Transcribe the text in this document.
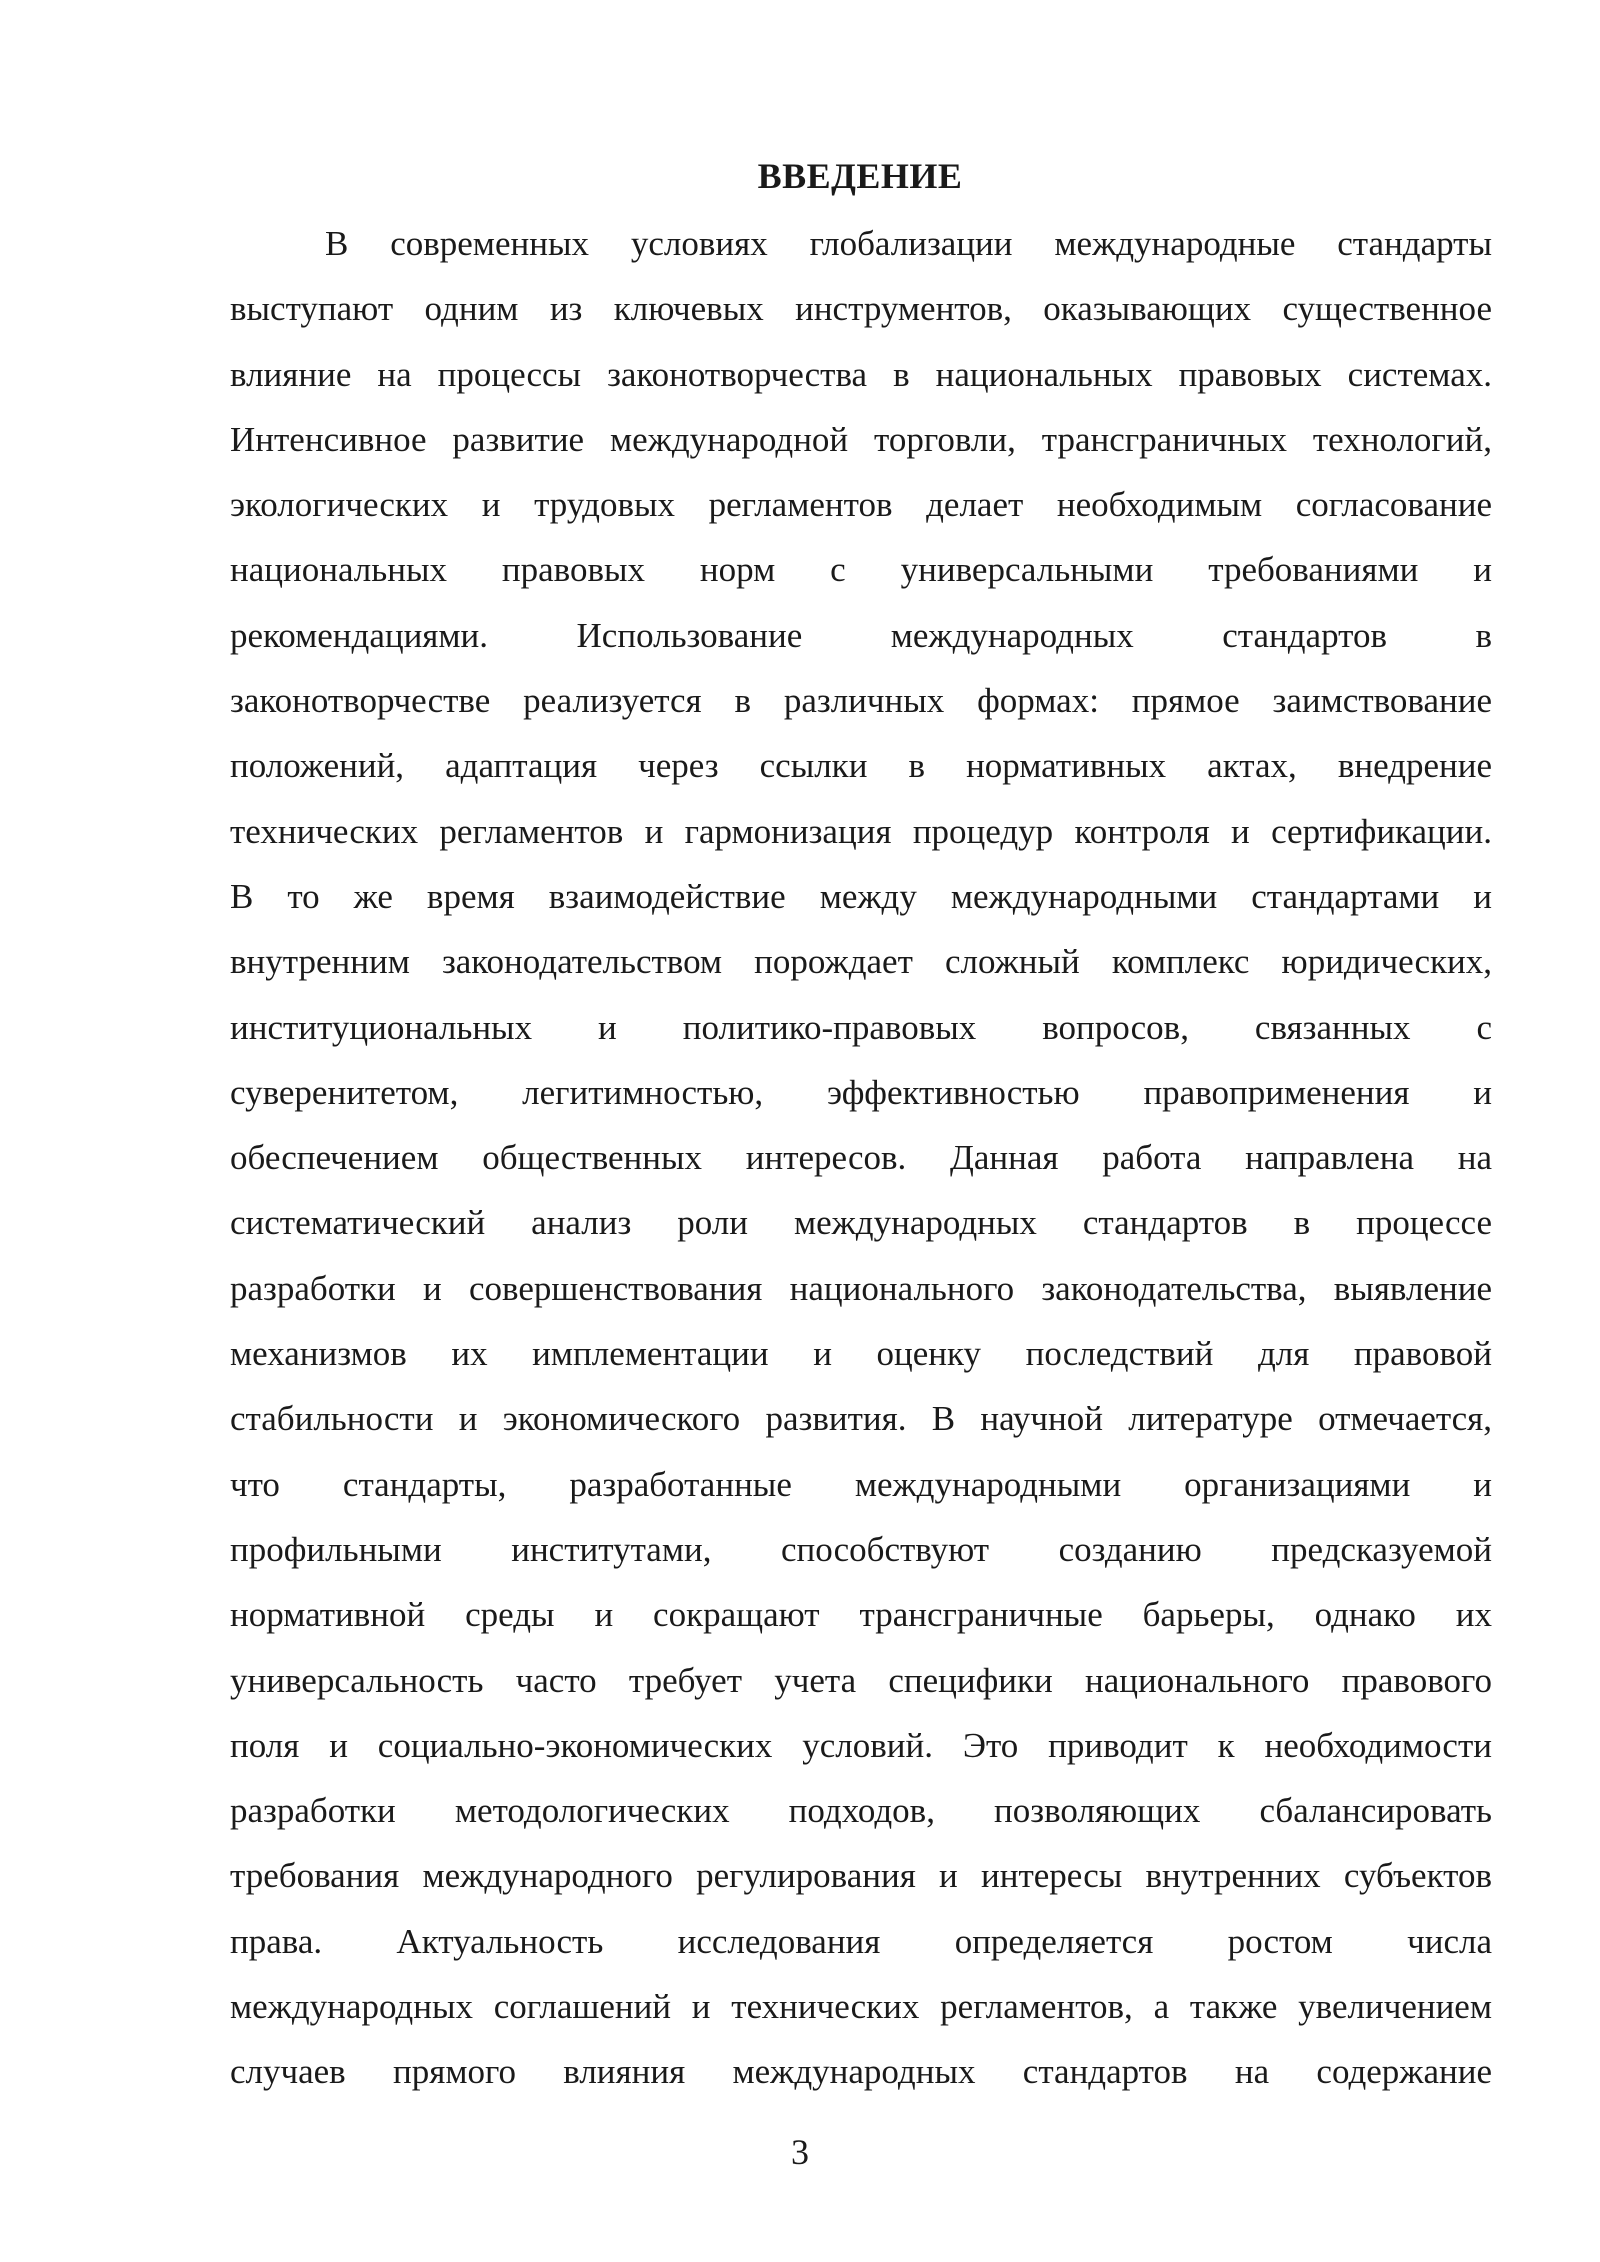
ВВЕДЕНИЕ
В современных условиях глобализации международные стандарты
выступают одним из ключевых инструментов, оказывающих существенное
влияние на процессы законотворчества в национальных правовых системах.
Интенсивное развитие международной торговли, трансграничных технологий,
экологических и трудовых регламентов делает необходимым согласование
национальных правовых норм с универсальными требованиями и
рекомендациями. Использование международных стандартов в
законотворчестве реализуется в различных формах: прямое заимствование
положений, адаптация через ссылки в нормативных актах, внедрение
технических регламентов и гармонизация процедур контроля и сертификации.
В то же время взаимодействие между международными стандартами и
внутренним законодательством порождает сложный комплекс юридических,
институциональных и политико-правовых вопросов, связанных с
суверенитетом, легитимностью, эффективностью правоприменения и
обеспечением общественных интересов. Данная работа направлена на
систематический анализ роли международных стандартов в процессе
разработки и совершенствования национального законодательства, выявление
механизмов их имплементации и оценку последствий для правовой
стабильности и экономического развития. В научной литературе отмечается,
что стандарты, разработанные международными организациями и
профильными институтами, способствуют созданию предсказуемой
нормативной среды и сокращают трансграничные барьеры, однако их
универсальность часто требует учета специфики национального правового
поля и социально-экономических условий. Это приводит к необходимости
разработки методологических подходов, позволяющих сбалансировать
требования международного регулирования и интересы внутренних субъектов
права. Актуальность исследования определяется ростом числа
международных соглашений и технических регламентов, а также увеличением
случаев прямого влияния международных стандартов на содержание

3
